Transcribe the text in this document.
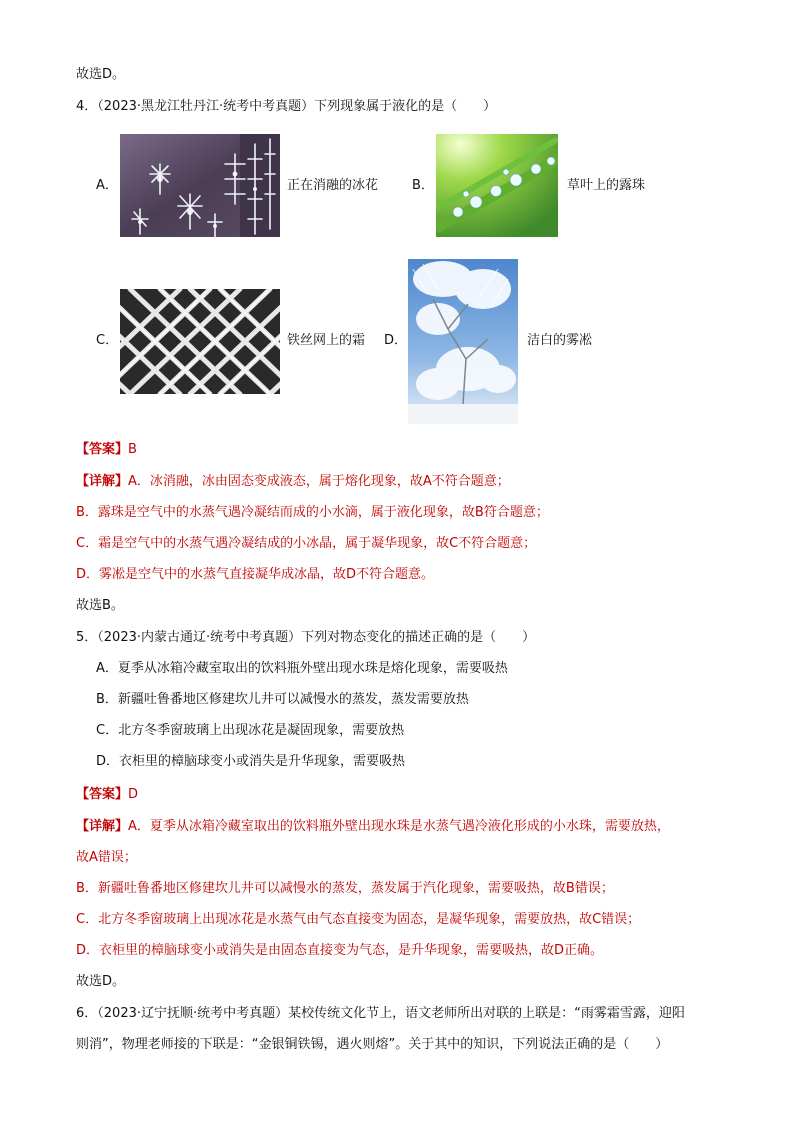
故选D。
4．（2023·黑龙江牡丹江·统考中考真题）下列现象属于液化的是（　　）
A．	正在消融的冰花	B．	草叶上的露珠
C．	铁丝网上的霜 D．	洁白的雾凇
【答案】B
【详解】A．冰消融，冰由固态变成液态，属于熔化现象，故A不符合题意；
B．露珠是空气中的水蒸气遇冷凝结而成的小水滴，属于液化现象，故B符合题意；
C．霜是空气中的水蒸气遇冷凝结成的小冰晶，属于凝华现象，故C不符合题意；
D．雾凇是空气中的水蒸气直接凝华成冰晶，故D不符合题意。
故选B。
5．（2023·内蒙古通辽·统考中考真题）下列对物态变化的描述正确的是（　　）
A．夏季从冰箱冷藏室取出的饮料瓶外壁出现水珠是熔化现象，需要吸热
B．新疆吐鲁番地区修建坎儿井可以减慢水的蒸发，蒸发需要放热
C．北方冬季窗玻璃上出现冰花是凝固现象，需要放热
D．衣柜里的樟脑球变小或消失是升华现象，需要吸热
【答案】D
【详解】A．夏季从冰箱冷藏室取出的饮料瓶外壁出现水珠是水蒸气遇冷液化形成的小水珠，需要放热，
故A错误；
B．新疆吐鲁番地区修建坎儿井可以减慢水的蒸发，蒸发属于汽化现象，需要吸热，故B错误；
C．北方冬季窗玻璃上出现冰花是水蒸气由气态直接变为固态，是凝华现象，需要放热，故C错误；
D．衣柜里的樟脑球变小或消失是由固态直接变为气态，是升华现象，需要吸热，故D正确。
故选D。
6．（2023·辽宁抚顺·统考中考真题）某校传统文化节上，语文老师所出对联的上联是：“雨雾霜雪露，迎阳
则消”，物理老师接的下联是：“金银铜铁锡，遇火则熔”。关于其中的知识，下列说法正确的是（　　）
